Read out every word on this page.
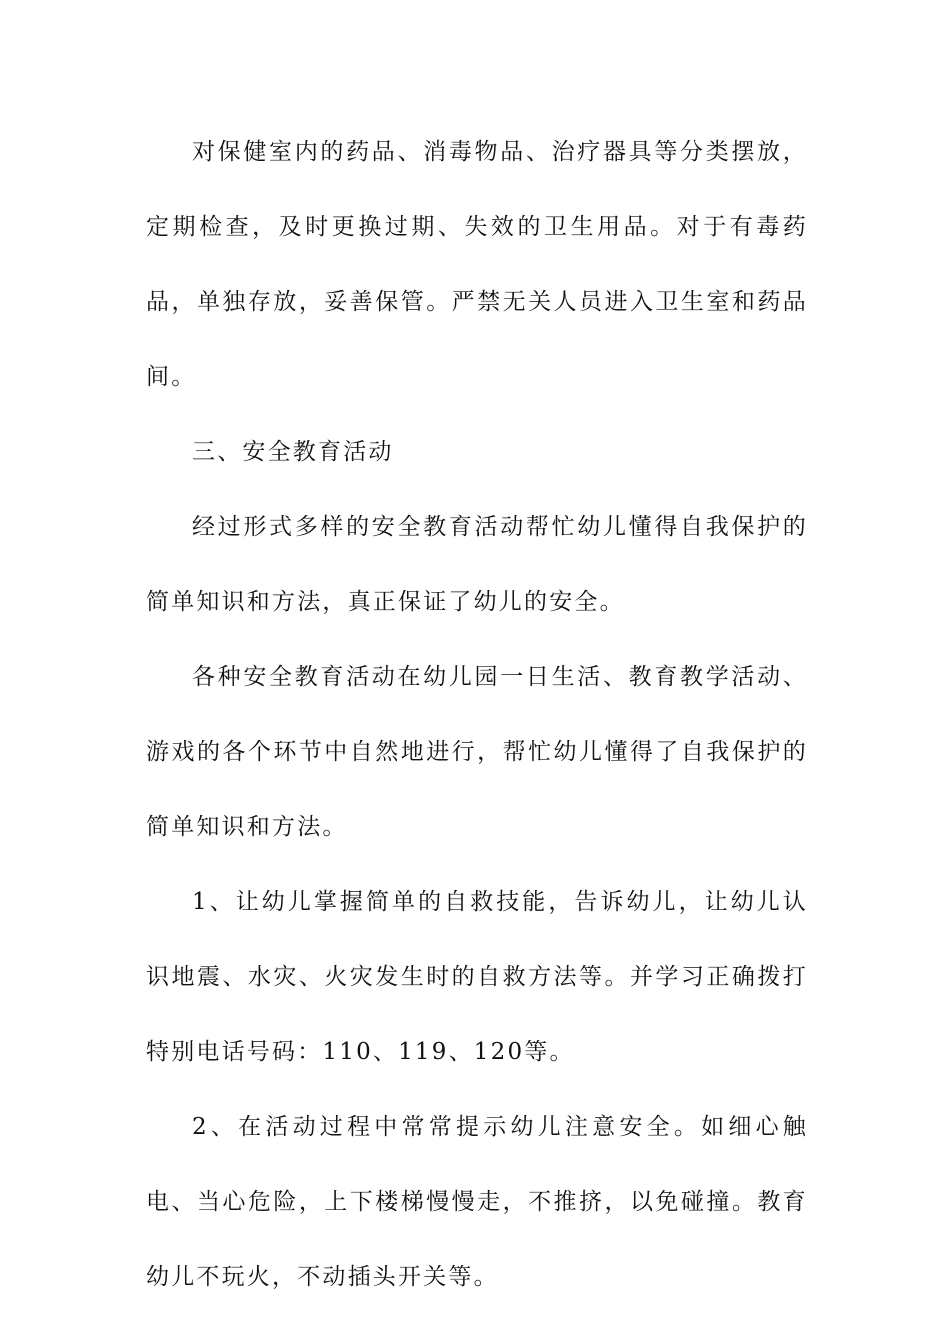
对保健室内的药品、消毒物品、治疗器具等分类摆放，定期检查，及时更换过期、失效的卫生用品。对于有毒药品，单独存放，妥善保管。严禁无关人员进入卫生室和药品间。

三、安全教育活动

经过形式多样的安全教育活动帮忙幼儿懂得自我保护的简单知识和方法，真正保证了幼儿的安全。

各种安全教育活动在幼儿园一日生活、教育教学活动、游戏的各个环节中自然地进行，帮忙幼儿懂得了自我保护的简单知识和方法。

1、让幼儿掌握简单的自救技能，告诉幼儿，让幼儿认识地震、水灾、火灾发生时的自救方法等。并学习正确拨打特别电话号码：110、119、120等。

2、在活动过程中常常提示幼儿注意安全。如细心触电、当心危险，上下楼梯慢慢走，不推挤，以免碰撞。教育幼儿不玩火，不动插头开关等。
